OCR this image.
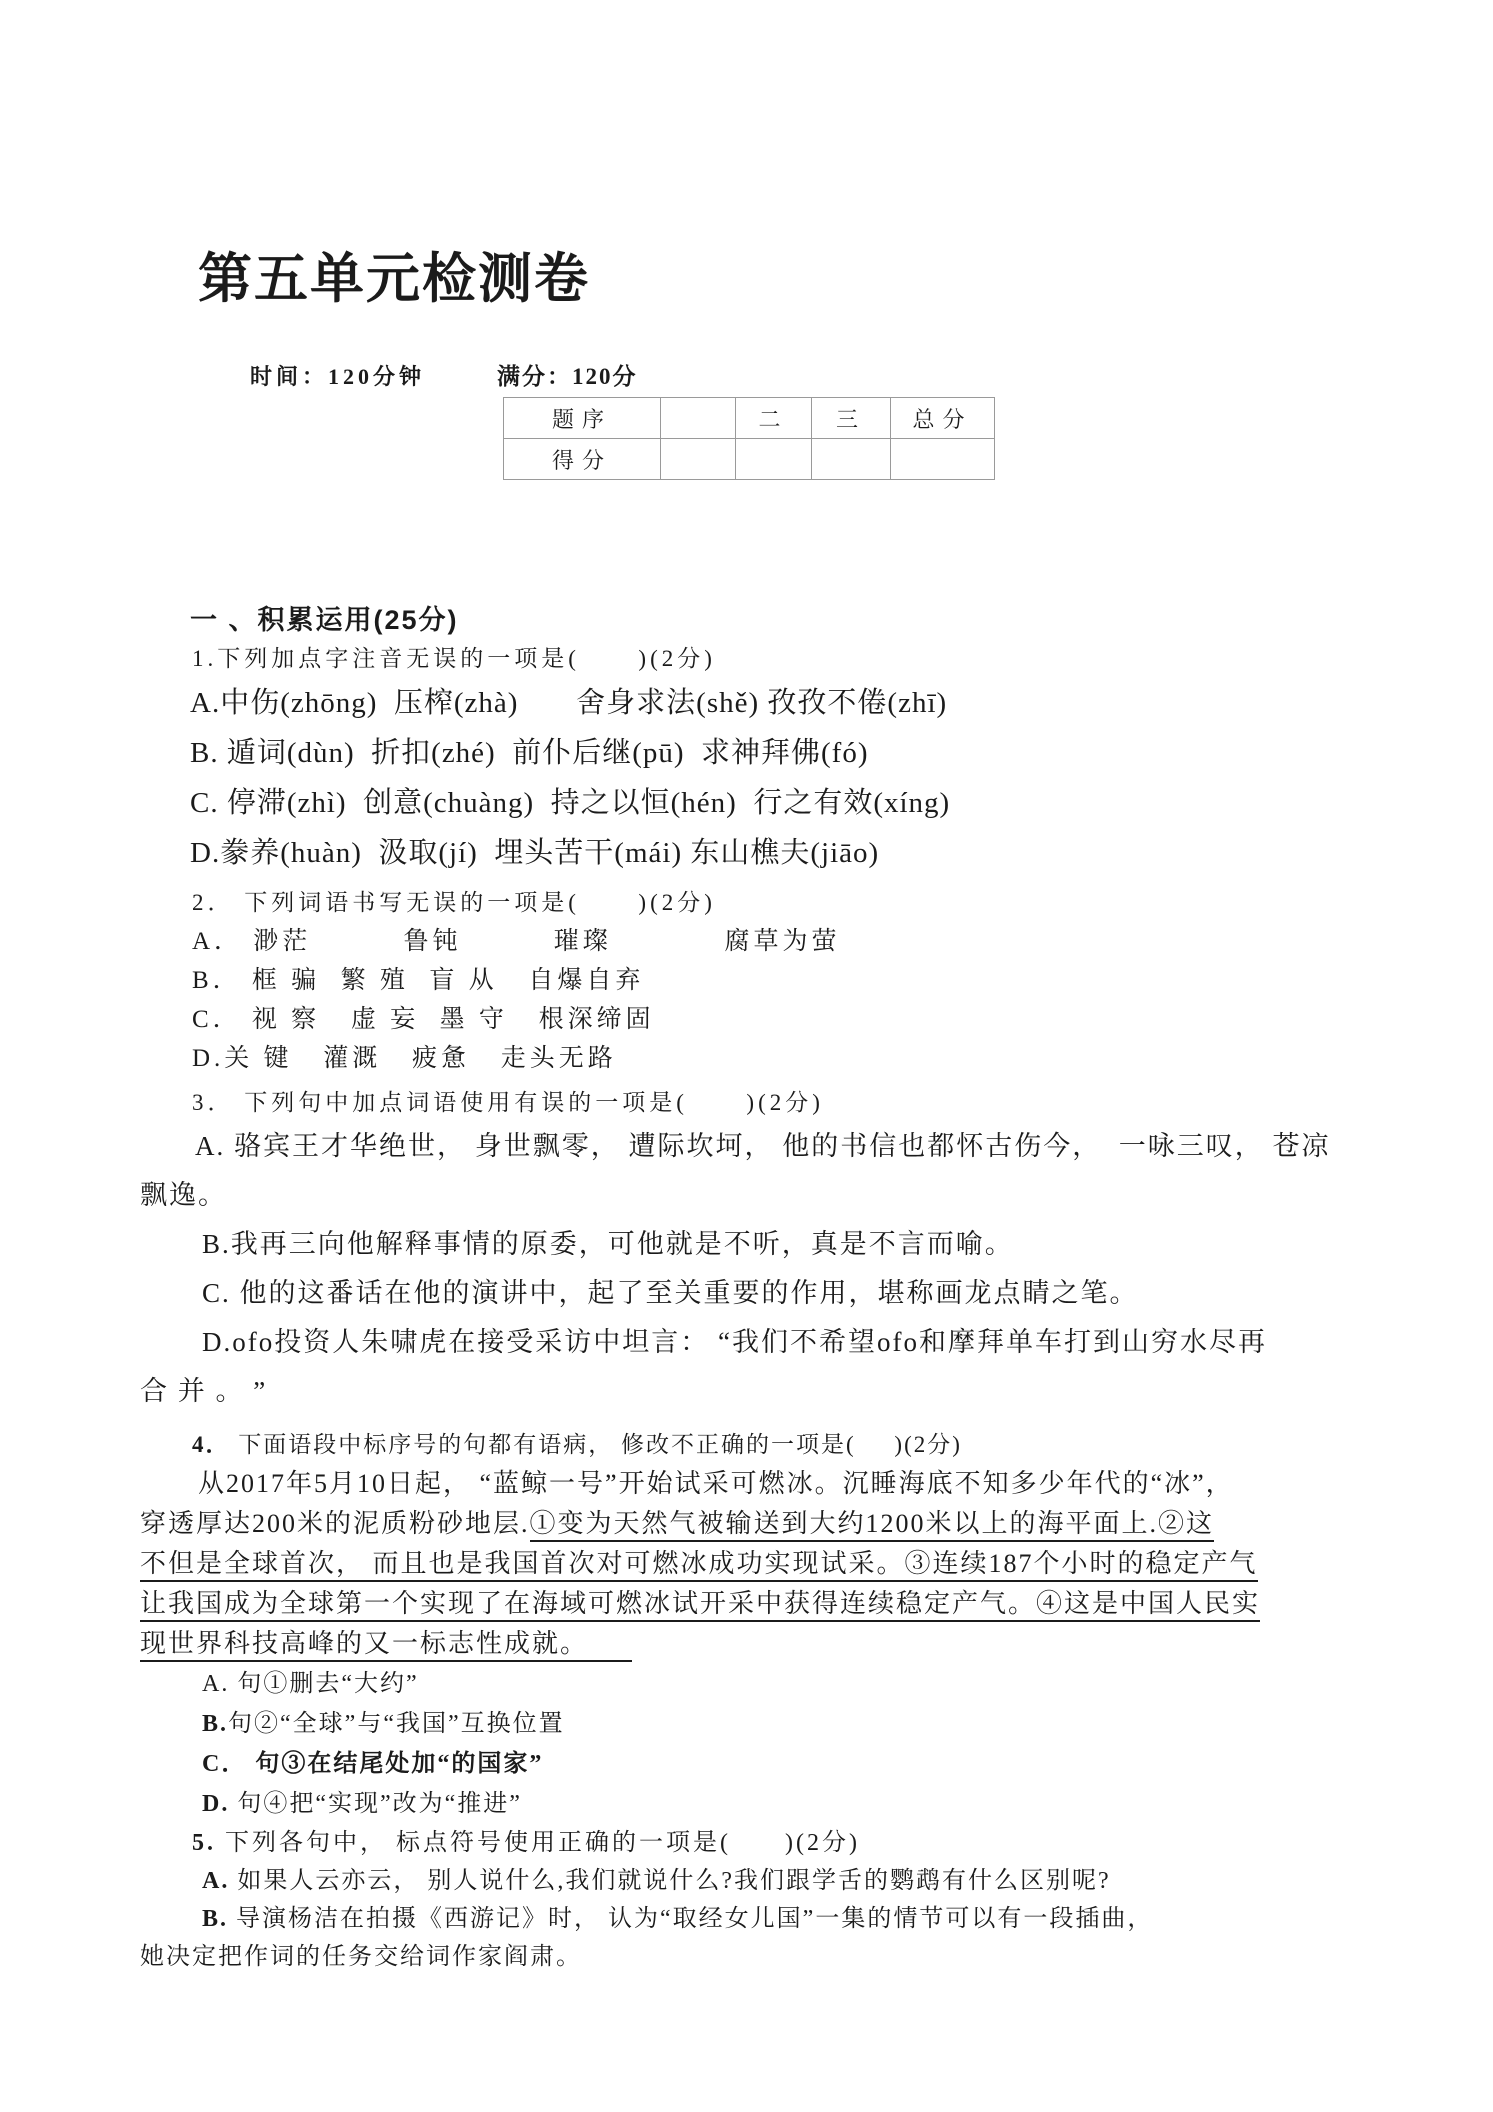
第五单元检测卷
时间：120分钟	满分：120分
题序		二	三	总分
得分				
一 、积累运用(25分)
1.下列加点字注音无误的一项是(      )(2分)
A.中伤(zhōng)  压榨(zhà)       舍身求法(shě) 孜孜不倦(zhī)
B. 遁词(dùn)  折扣(zhé)  前仆后继(pū)  求神拜佛(fó)
C. 停滞(zhì)  创意(chuàng)  持之以恒(hén)  行之有效(xíng)
D.豢养(huàn)  汲取(jí)  埋头苦干(mái) 东山樵夫(jiāo)
2． 下列词语书写无误的一项是(      )(2分)
A． 渺茫         鲁钝         璀璨           腐草为萤
B． 框 骗  繁 殖  盲 从   自爆自弃
C． 视 察   虚 妄  墨 守   根深缔固
D.关 键   灌溉   疲惫   走头无路
3． 下列句中加点词语使用有误的一项是(      )(2分)
A. 骆宾王才华绝世， 身世飘零， 遭际坎坷， 他的书信也都怀古伤今，  一咏三叹， 苍凉
飘逸。
B.我再三向他解释事情的原委，可他就是不听，真是不言而喻。
C. 他的这番话在他的演讲中，起了至关重要的作用，堪称画龙点睛之笔。
D.ofo投资人朱啸虎在接受采访中坦言： “我们不希望ofo和摩拜单车打到山穷水尽再
合 并 。 ”
4． 下面语段中标序号的句都有语病， 修改不正确的一项是(     )(2分)
从2017年5月10日起， “蓝鲸一号”开始试采可燃冰。沉睡海底不知多少年代的“冰”，
穿透厚达200米的泥质粉砂地层.①变为天然气被输送到大约1200米以上的海平面上.②这
不但是全球首次， 而且也是我国首次对可燃冰成功实现试采。③连续187个小时的稳定产气
让我国成为全球第一个实现了在海域可燃冰试开采中获得连续稳定产气。④这是中国人民实
现世界科技高峰的又一标志性成就。
A. 句①删去“大约”
B.句②“全球”与“我国”互换位置
C． 句③在结尾处加“的国家”
D. 句④把“实现”改为“推进”
5. 下列各句中， 标点符号使用正确的一项是(      )(2分)
A. 如果人云亦云， 别人说什么,我们就说什么?我们跟学舌的鹦鹉有什么区别呢?
B. 导演杨洁在拍摄《西游记》时， 认为“取经女儿国”一集的情节可以有一段插曲，
她决定把作词的任务交给词作家阎肃。
